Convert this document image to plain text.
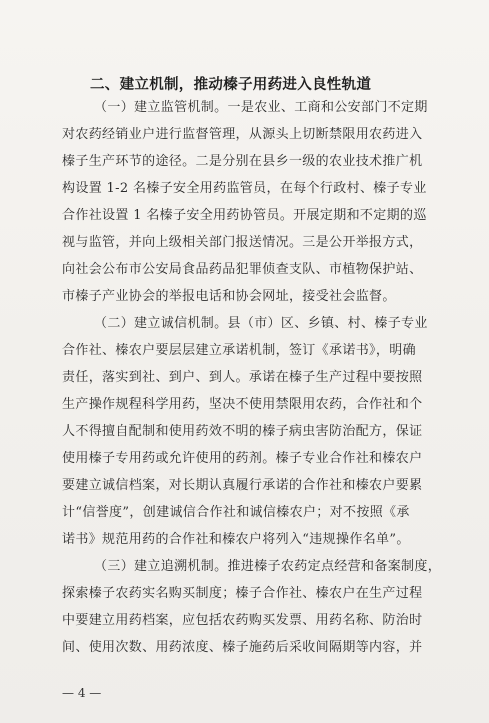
二、建立机制，推动榛子用药进入良性轨道
（一）建立监管机制。一是农业、工商和公安部门不定期
对农药经销业户进行监督管理，从源头上切断禁限用农药进入
榛子生产环节的途径。二是分别在县乡一级的农业技术推广机
构设置 1-2 名榛子安全用药监管员，在每个行政村、榛子专业
合作社设置 1 名榛子安全用药协管员。开展定期和不定期的巡
视与监管，并向上级相关部门报送情况。三是公开举报方式，
向社会公布市公安局食品药品犯罪侦查支队、市植物保护站、
市榛子产业协会的举报电话和协会网址，接受社会监督。
（二）建立诚信机制。县（市）区、乡镇、村、榛子专业
合作社、榛农户要层层建立承诺机制，签订《承诺书》，明确
责任，落实到社、到户、到人。承诺在榛子生产过程中要按照
生产操作规程科学用药，坚决不使用禁限用农药，合作社和个
人不得擅自配制和使用药效不明的榛子病虫害防治配方，保证
使用榛子专用药或允许使用的药剂。榛子专业合作社和榛农户
要建立诚信档案，对长期认真履行承诺的合作社和榛农户要累
计“信誉度”，创建诚信合作社和诚信榛农户；对不按照《承
诺书》规范用药的合作社和榛农户将列入“违规操作名单”。
（三）建立追溯机制。推进榛子农药定点经营和备案制度，
探索榛子农药实名购买制度；榛子合作社、榛农户在生产过程
中要建立用药档案，应包括农药购买发票、用药名称、防治时
间、使用次数、用药浓度、榛子施药后采收间隔期等内容，并
— 4 —
